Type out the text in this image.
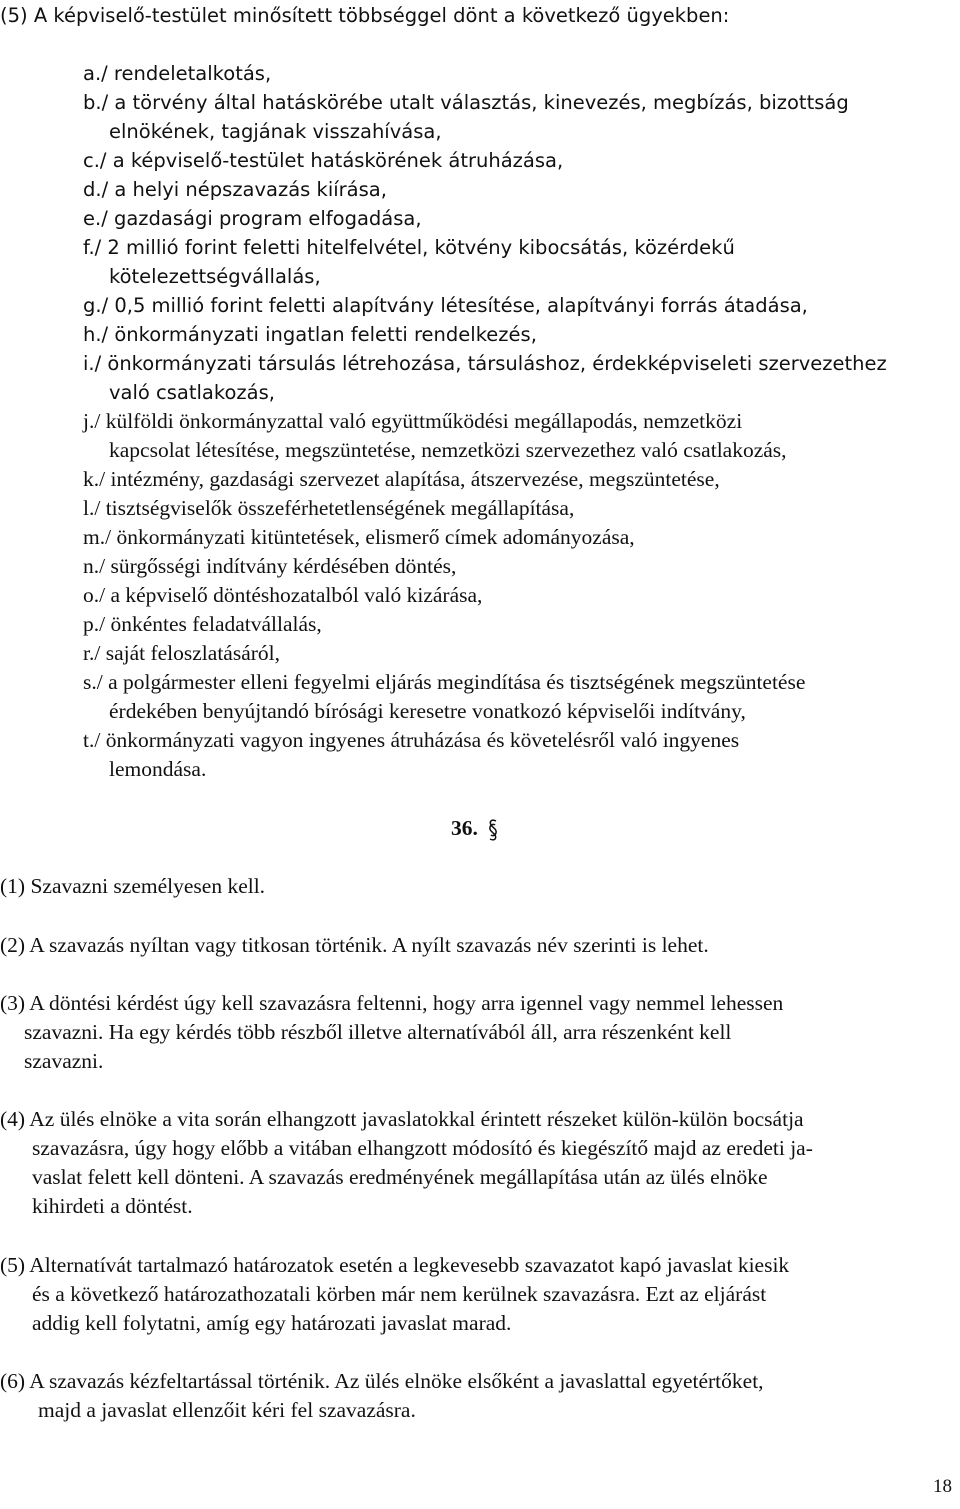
(5) A képviselő-testület minősített többséggel dönt a következő ügyekben:
a./ rendeletalkotás,
b./ a törvény által hatáskörébe utalt választás, kinevezés, megbízás, bizottság
elnökének, tagjának visszahívása,
c./ a képviselő-testület hatáskörének átruházása,
d./ a helyi népszavazás kiírása,
e./ gazdasági program elfogadása,
f./ 2 millió forint feletti hitelfelvétel, kötvény kibocsátás, közérdekű
kötelezettségvállalás,
g./ 0,5 millió forint feletti alapítvány létesítése, alapítványi forrás átadása,
h./ önkormányzati ingatlan feletti rendelkezés,
i./ önkormányzati társulás létrehozása, társuláshoz, érdekképviseleti szervezethez
való csatlakozás,
j./ külföldi önkormányzattal való együttműködési megállapodás, nemzetközi
kapcsolat létesítése, megszüntetése, nemzetközi szervezethez való csatlakozás,
k./ intézmény, gazdasági szervezet alapítása, átszervezése, megszüntetése,
l./ tisztségviselők összeférhetetlenségének megállapítása,
m./ önkormányzati kitüntetések, elismerő címek adományozása,
n./ sürgősségi indítvány kérdésében döntés,
o./ a képviselő döntéshozatalból való kizárása,
p./ önkéntes feladatvállalás,
r./ saját feloszlatásáról,
s./ a polgármester elleni fegyelmi eljárás megindítása és tisztségének megszüntetése
érdekében benyújtandó bírósági keresetre vonatkozó képviselői indítvány,
t./ önkormányzati vagyon ingyenes átruházása és követelésről való ingyenes
lemondása.
36.
(1) Szavazni személyesen kell.
(2) A szavazás nyíltan vagy titkosan történik. A nyílt szavazás név szerinti is lehet.
(3) A döntési kérdést úgy kell szavazásra feltenni, hogy arra igennel vagy nemmel lehessen
szavazni. Ha egy kérdés több részből illetve alternatívából áll, arra részenként kell
szavazni.
(4) Az ülés elnöke a vita során elhangzott javaslatokkal érintett részeket külön-külön bocsátja
szavazásra, úgy hogy előbb a vitában elhangzott módosító és kiegészítő majd az eredeti ja-
vaslat felett kell dönteni. A szavazás eredményének megállapítása után az ülés elnöke
kihirdeti a döntést.
(5) Alternatívát tartalmazó határozatok esetén a legkevesebb szavazatot kapó javaslat kiesik
és a következő határozathozatali körben már nem kerülnek szavazásra. Ezt az eljárást
addig kell folytatni, amíg egy határozati javaslat marad.
(6) A szavazás kézfeltartással történik. Az ülés elnöke elsőként a javaslattal egyetértőket,
majd a javaslat ellenzőit kéri fel szavazásra.
18
